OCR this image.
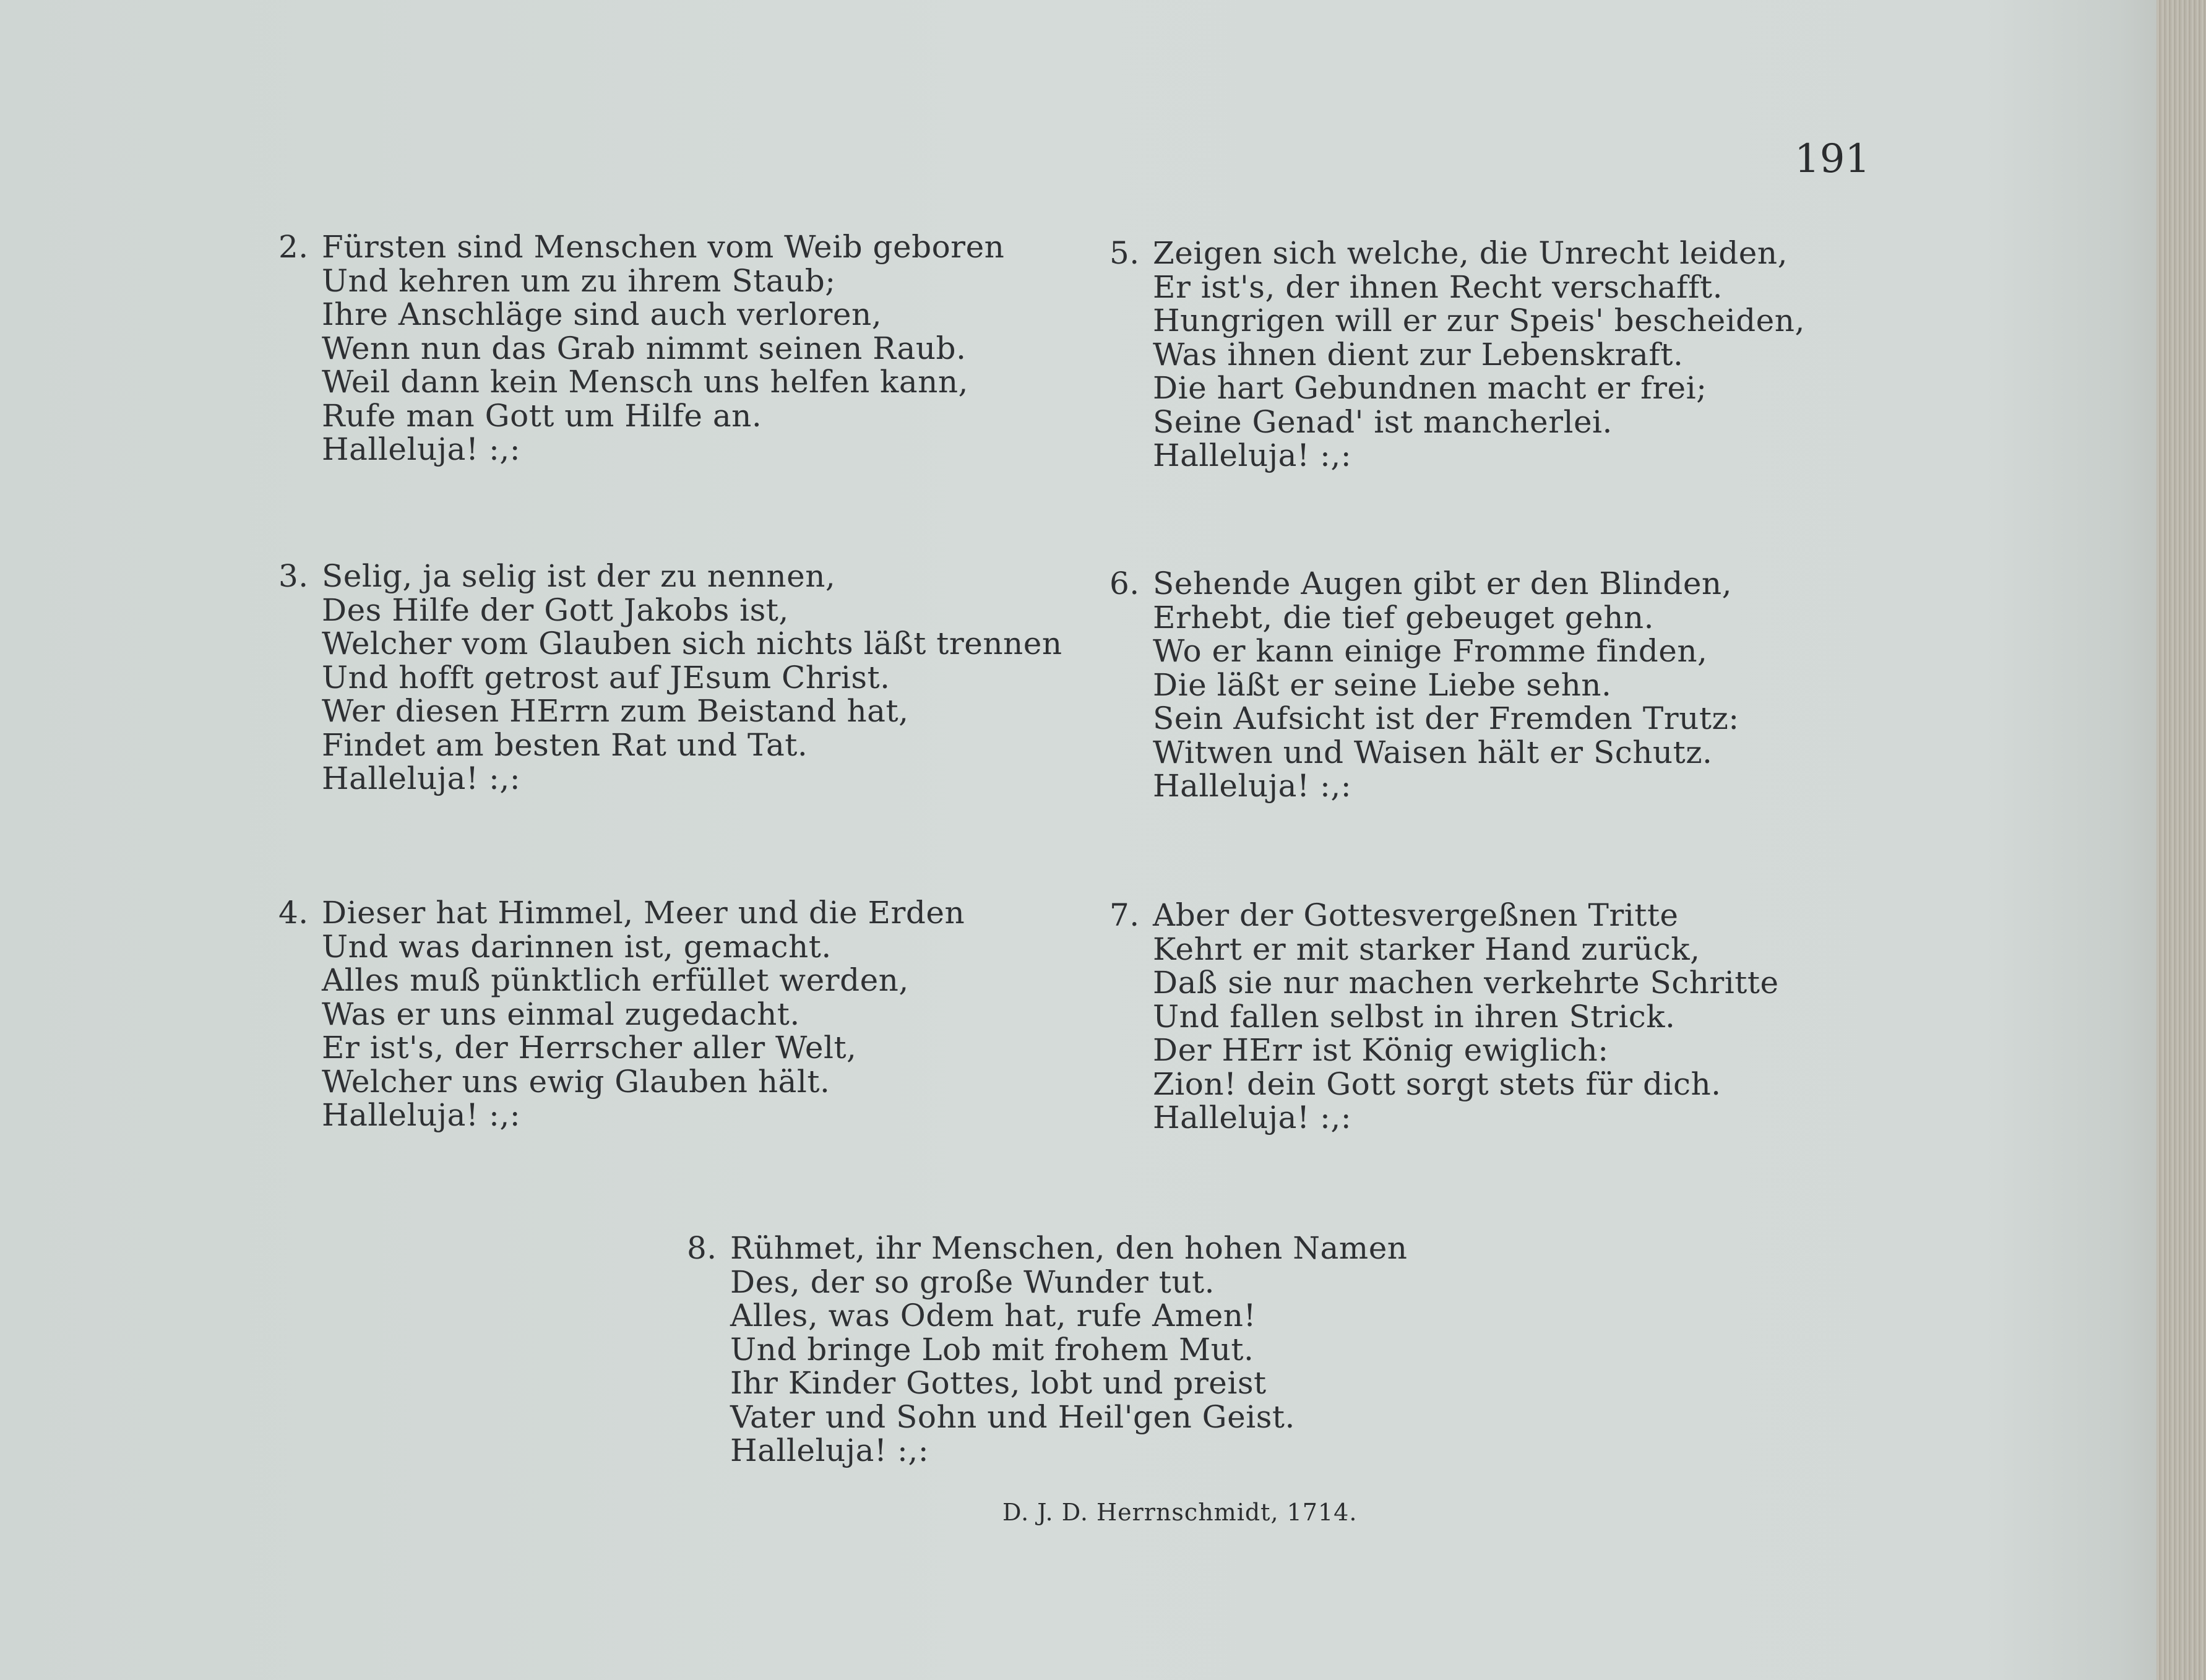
191
2. Fürsten sind Menschen vom Weib geboren
Und kehren um zu ihrem Staub;
Ihre Anschläge sind auch verloren,
Wenn nun das Grab nimmt seinen Raub.
Weil dann kein Mensch uns helfen kann,
Rufe man Gott um Hilfe an.
Halleluja! :,:
3. Selig, ja selig ist der zu nennen,
Des Hilfe der Gott Jakobs ist,
Welcher vom Glauben sich nichts läßt trennen
Und hofft getrost auf JEsum Christ.
Wer diesen HErrn zum Beistand hat,
Findet am besten Rat und Tat.
Halleluja! :,:
4. Dieser hat Himmel, Meer und die Erden
Und was darinnen ist, gemacht.
Alles muß pünktlich erfüllet werden,
Was er uns einmal zugedacht.
Er ist's, der Herrscher aller Welt,
Welcher uns ewig Glauben hält.
Halleluja! :,:
5. Zeigen sich welche, die Unrecht leiden,
Er ist's, der ihnen Recht verschafft.
Hungrigen will er zur Speis' bescheiden,
Was ihnen dient zur Lebenskraft.
Die hart Gebundnen macht er frei;
Seine Genad' ist mancherlei.
Halleluja! :,:
6. Sehende Augen gibt er den Blinden,
Erhebt, die tief gebeuget gehn.
Wo er kann einige Fromme finden,
Die läßt er seine Liebe sehn.
Sein Aufsicht ist der Fremden Trutz:
Witwen und Waisen hält er Schutz.
Halleluja! :,:
7. Aber der Gottesvergeßnen Tritte
Kehrt er mit starker Hand zurück,
Daß sie nur machen verkehrte Schritte
Und fallen selbst in ihren Strick.
Der HErr ist König ewiglich:
Zion! dein Gott sorgt stets für dich.
Halleluja! :,:
8. Rühmet, ihr Menschen, den hohen Namen
Des, der so große Wunder tut.
Alles, was Odem hat, rufe Amen!
Und bringe Lob mit frohem Mut.
Ihr Kinder Gottes, lobt und preist
Vater und Sohn und Heil'gen Geist.
Halleluja! :,:
D. J. D. Herrnschmidt, 1714.
